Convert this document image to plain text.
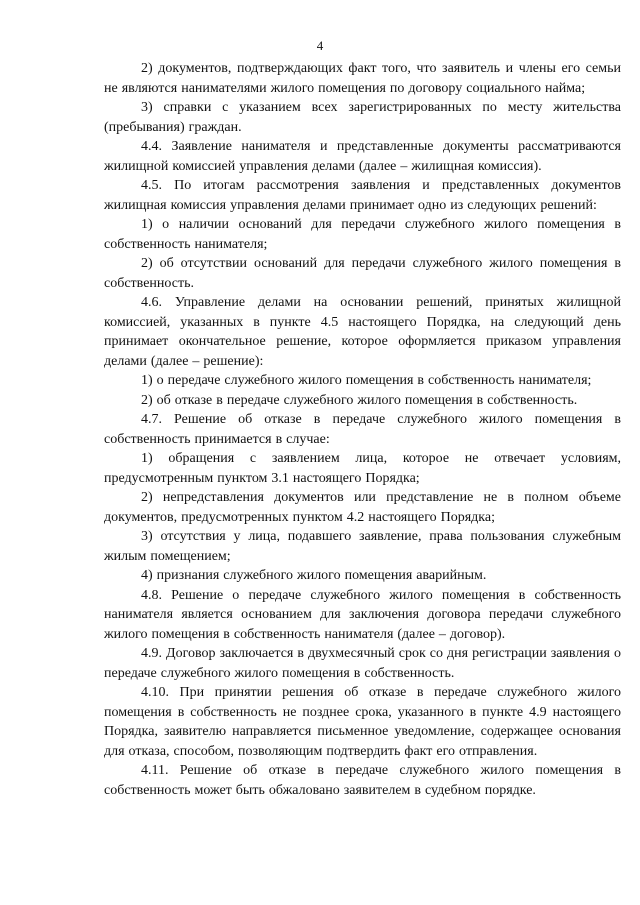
4

2) документов, подтверждающих факт того, что заявитель и члены его семьи не являются нанимателями жилого помещения по договору социального найма;

3) справки с указанием всех зарегистрированных по месту жительства (пребывания) граждан.

4.4. Заявление нанимателя и представленные документы рассматриваются жилищной комиссией управления делами (далее – жилищная комиссия).

4.5. По итогам рассмотрения заявления и представленных документов жилищная комиссия управления делами принимает одно из следующих решений:

1) о наличии оснований для передачи служебного жилого помещения в собственность нанимателя;

2) об отсутствии оснований для передачи служебного жилого помещения в собственность.

4.6. Управление делами на основании решений, принятых жилищной комиссией, указанных в пункте 4.5 настоящего Порядка, на следующий день принимает окончательное решение, которое оформляется приказом управления делами (далее – решение):

1) о передаче служебного жилого помещения в собственность нанимателя;

2) об отказе в передаче служебного жилого помещения в собственность.

4.7. Решение об отказе в передаче служебного жилого помещения в собственность принимается в случае:

1) обращения с заявлением лица, которое не отвечает условиям, предусмотренным пунктом 3.1 настоящего Порядка;

2) непредставления документов или представление не в полном объеме документов, предусмотренных пунктом 4.2 настоящего Порядка;

3) отсутствия у лица, подавшего заявление, права пользования служебным жилым помещением;

4) признания служебного жилого помещения аварийным.

4.8. Решение о передаче служебного жилого помещения в собственность нанимателя является основанием для заключения договора передачи служебного жилого помещения в собственность нанимателя (далее – договор).

4.9. Договор заключается в двухмесячный срок со дня регистрации заявления о передаче служебного жилого помещения в собственность.

4.10. При принятии решения об отказе в передаче служебного жилого помещения в собственность не позднее срока, указанного в пункте 4.9 настоящего Порядка, заявителю направляется письменное уведомление, содержащее основания для отказа, способом, позволяющим подтвердить факт его отправления.

4.11. Решение об отказе в передаче служебного жилого помещения в собственность может быть обжаловано заявителем в судебном порядке.
